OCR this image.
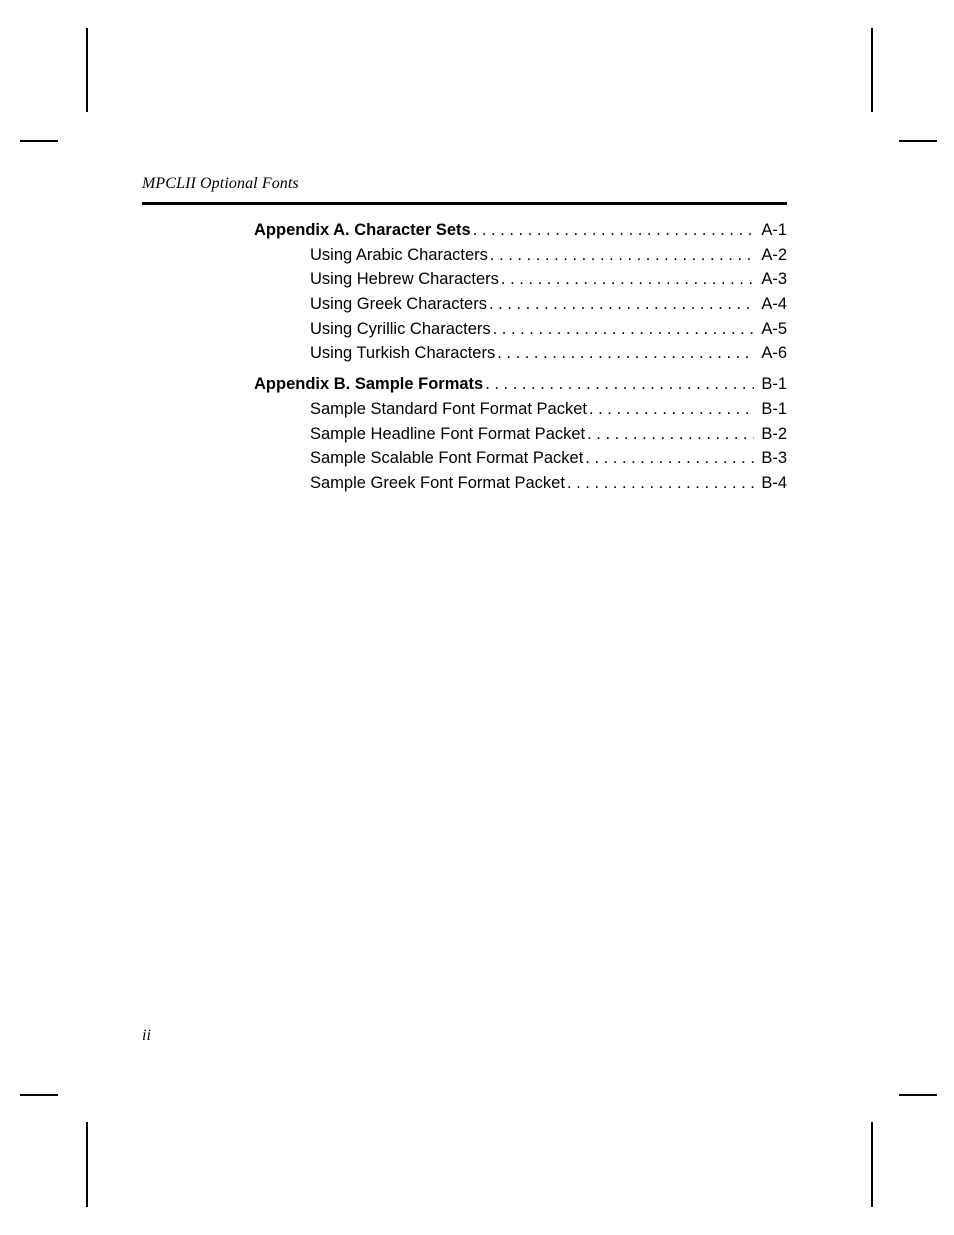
MPCLII Optional Fonts
Appendix A. Character Sets . . .	A-1
Using Arabic Characters . . .	A-2
Using Hebrew Characters . . .	A-3
Using Greek Characters . . .	A-4
Using Cyrillic Characters . . .	A-5
Using Turkish Characters . . .	A-6
Appendix B. Sample Formats . . .	B-1
Sample Standard Font Format Packet . . .	B-1
Sample Headline Font Format Packet . . .	B-2
Sample Scalable Font Format Packet . . .	B-3
Sample Greek Font Format Packet . . .	B-4
ii
